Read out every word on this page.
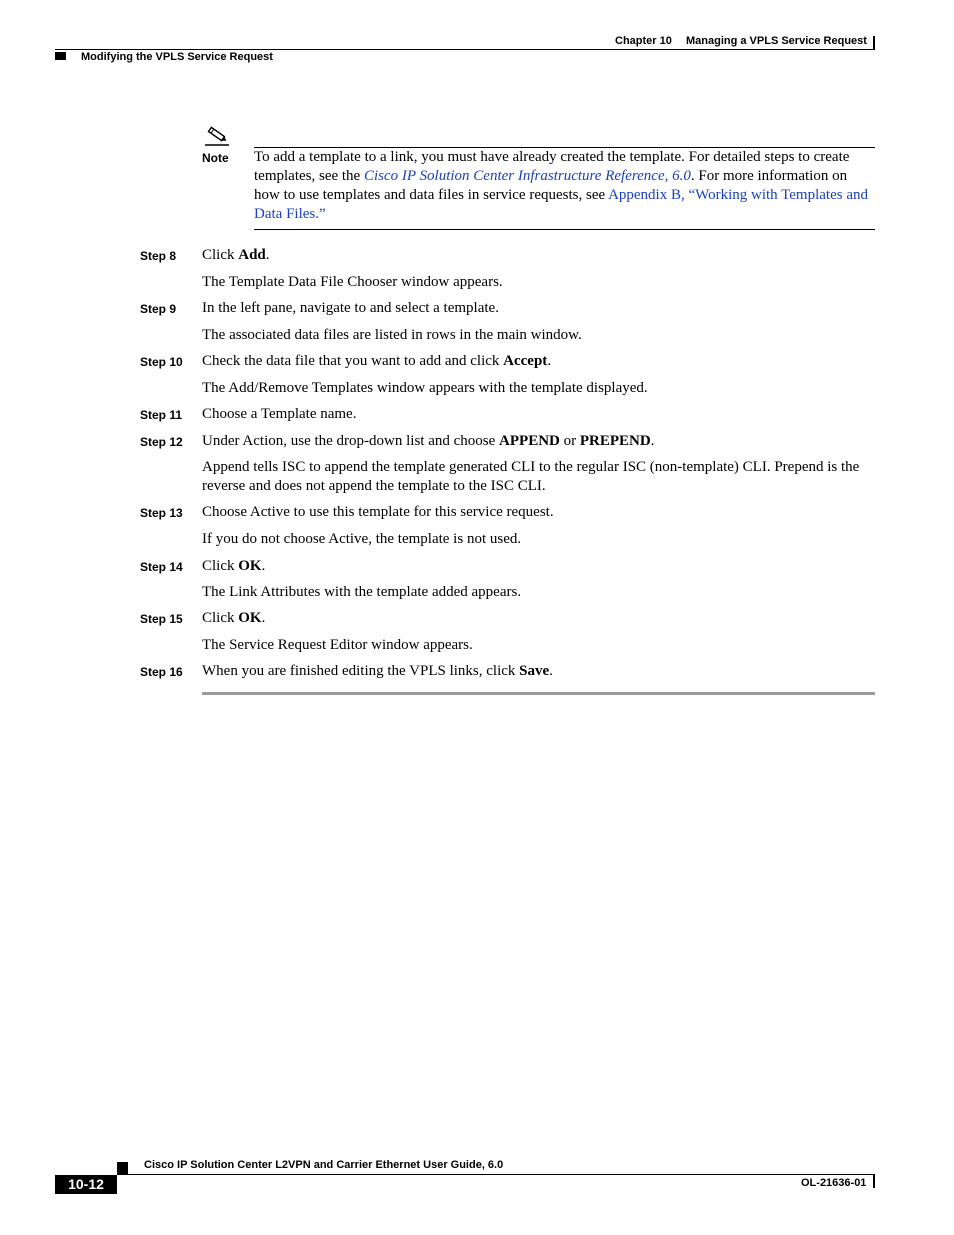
Chapter 10 Managing a VPLS Service Request
Modifying the VPLS Service Request
Note To add a template to a link, you must have already created the template. For detailed steps to create templates, see the Cisco IP Solution Center Infrastructure Reference, 6.0. For more information on how to use templates and data files in service requests, see Appendix B, “Working with Templates and Data Files.”
Step 8 Click Add.
The Template Data File Chooser window appears.
Step 9 In the left pane, navigate to and select a template.
The associated data files are listed in rows in the main window.
Step 10 Check the data file that you want to add and click Accept.
The Add/Remove Templates window appears with the template displayed.
Step 11 Choose a Template name.
Step 12 Under Action, use the drop-down list and choose APPEND or PREPEND.
Append tells ISC to append the template generated CLI to the regular ISC (non-template) CLI. Prepend is the reverse and does not append the template to the ISC CLI.
Step 13 Choose Active to use this template for this service request.
If you do not choose Active, the template is not used.
Step 14 Click OK.
The Link Attributes with the template added appears.
Step 15 Click OK.
The Service Request Editor window appears.
Step 16 When you are finished editing the VPLS links, click Save.
Cisco IP Solution Center L2VPN and Carrier Ethernet User Guide, 6.0
10-12	OL-21636-01
